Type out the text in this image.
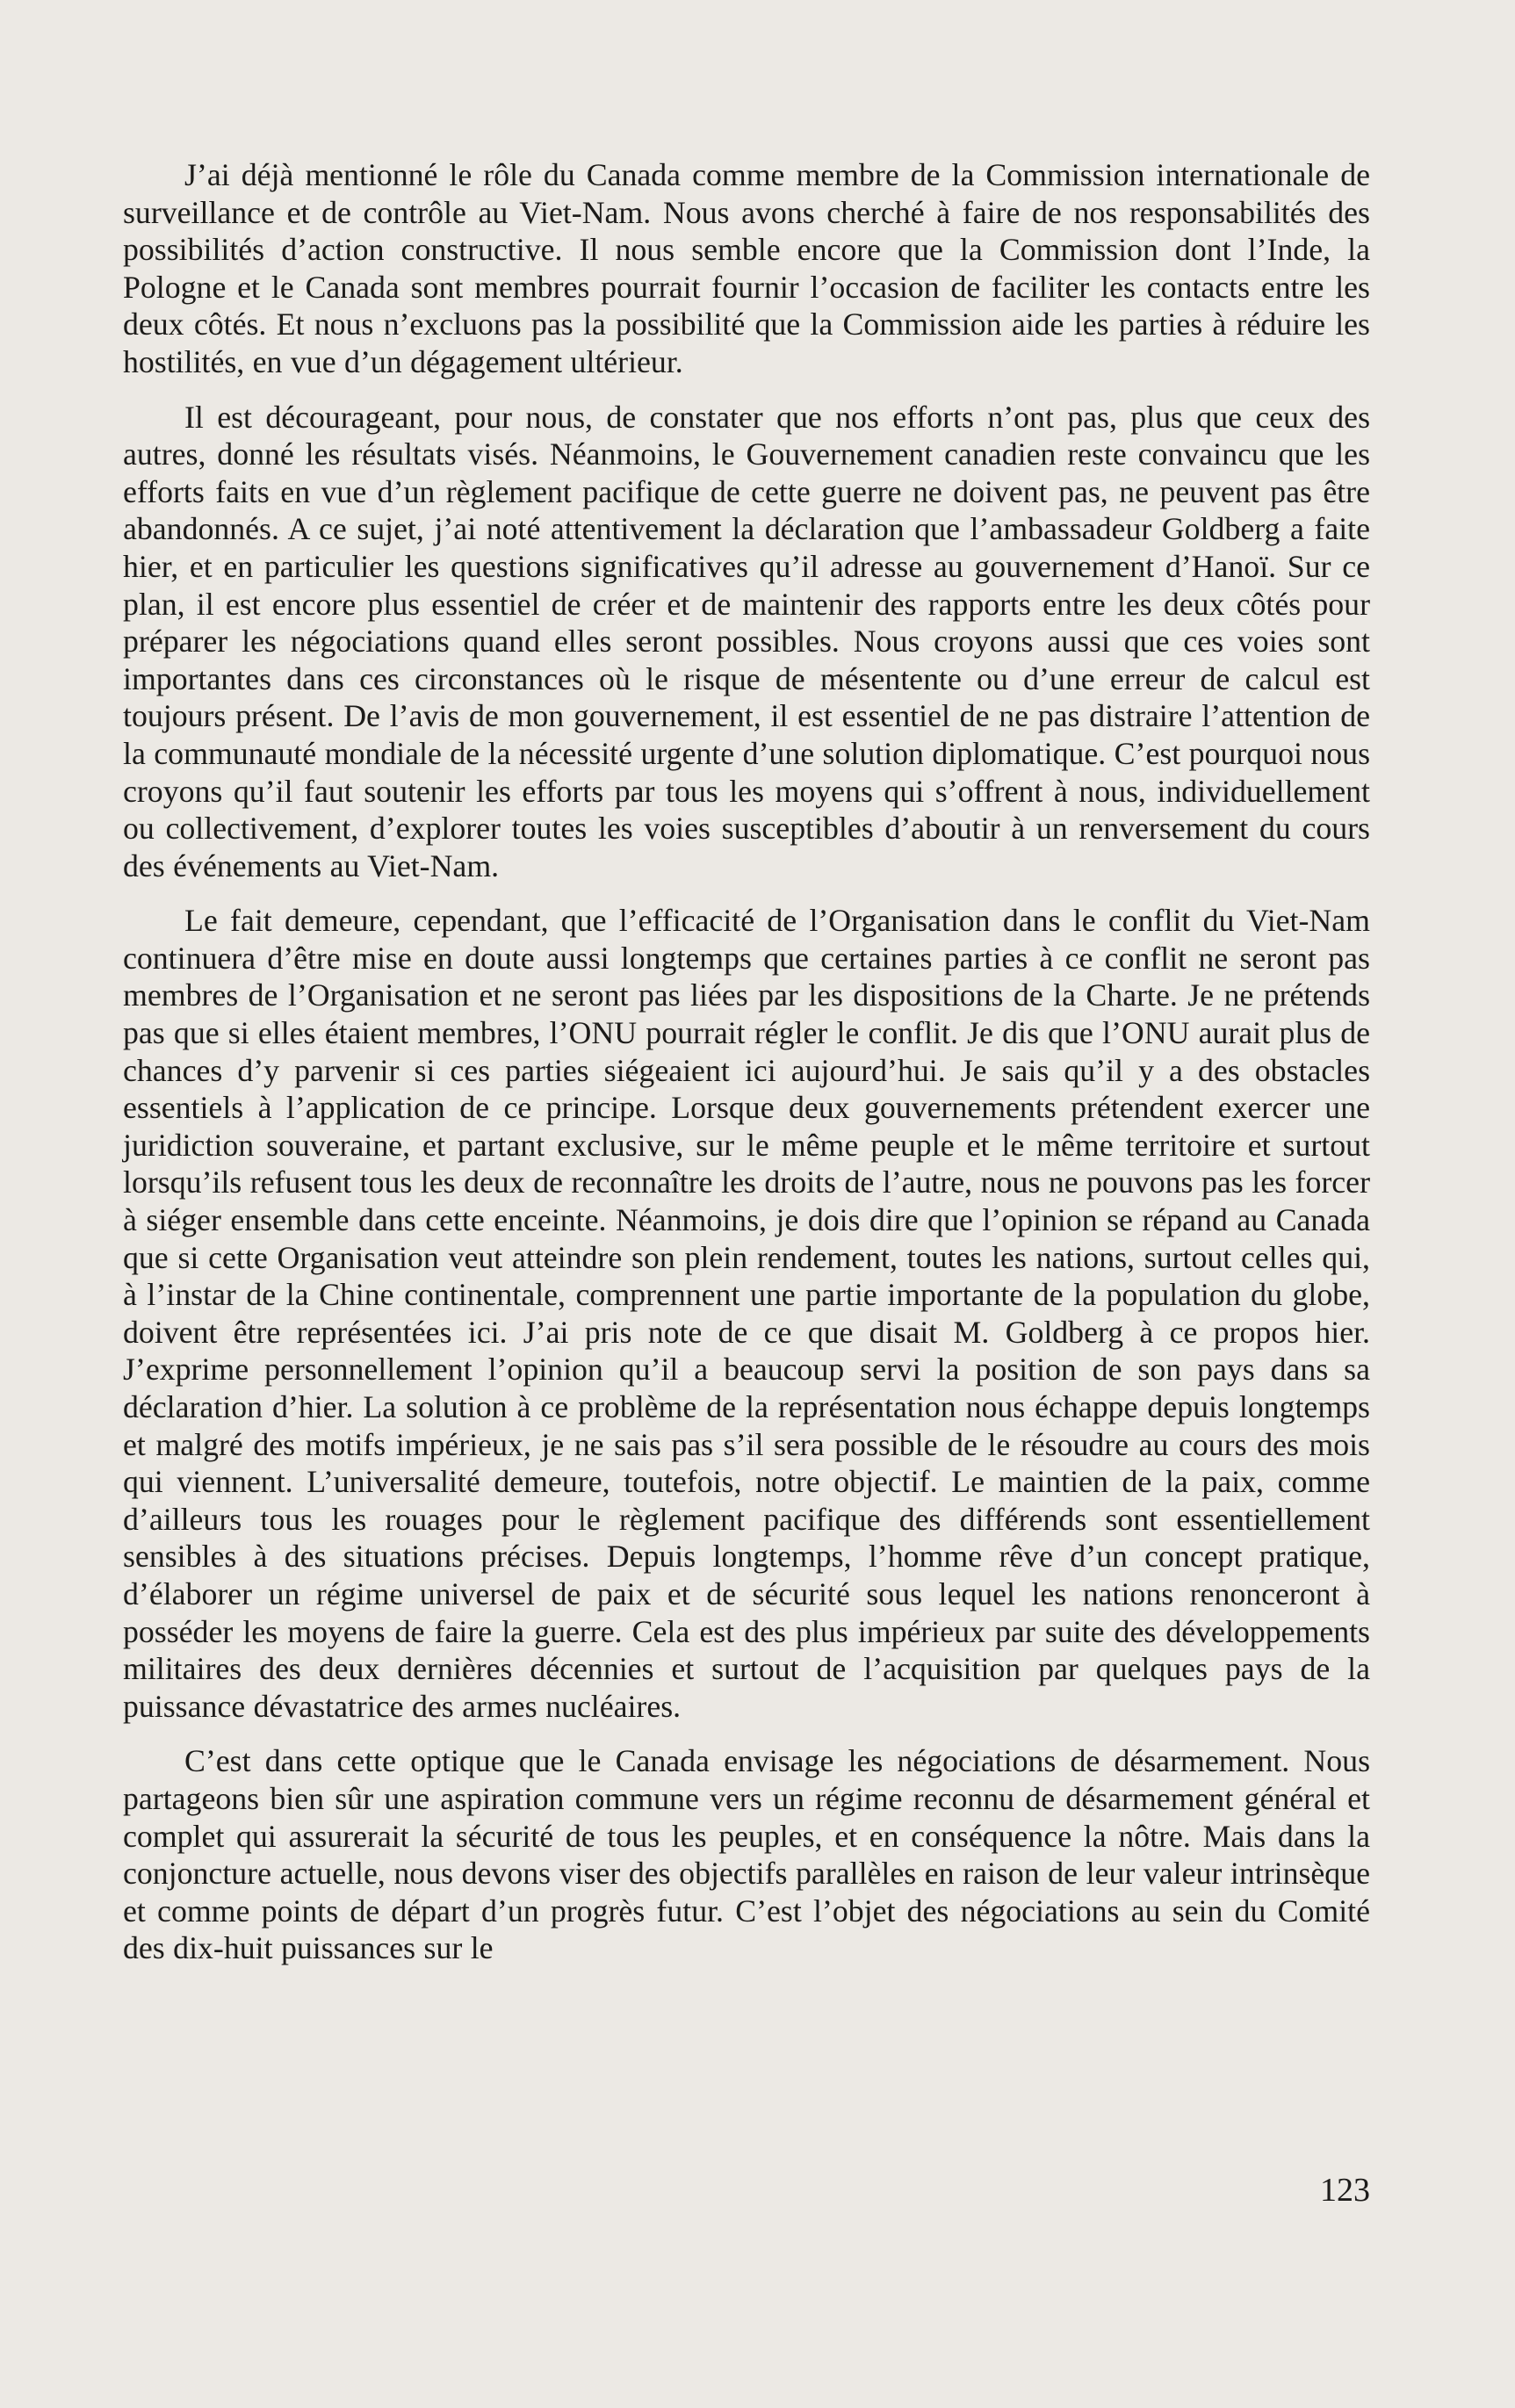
J’ai déjà mentionné le rôle du Canada comme membre de la Commission internationale de surveillance et de contrôle au Viet-Nam. Nous avons cherché à faire de nos responsabilités des possibilités d’action constructive. Il nous semble encore que la Commission dont l’Inde, la Pologne et le Canada sont membres pourrait fournir l’occasion de faciliter les contacts entre les deux côtés. Et nous n’excluons pas la possibilité que la Commission aide les parties à réduire les hostilités, en vue d’un dégagement ultérieur.

Il est décourageant, pour nous, de constater que nos efforts n’ont pas, plus que ceux des autres, donné les résultats visés. Néanmoins, le Gouvernement canadien reste convaincu que les efforts faits en vue d’un règlement pacifique de cette guerre ne doivent pas, ne peuvent pas être abandonnés. A ce sujet, j’ai noté attentivement la déclaration que l’ambassadeur Goldberg a faite hier, et en particulier les questions significatives qu’il adresse au gouvernement d’Hanoï. Sur ce plan, il est encore plus essentiel de créer et de maintenir des rapports entre les deux côtés pour préparer les négociations quand elles seront possibles. Nous croyons aussi que ces voies sont importantes dans ces circonstances où le risque de mésentente ou d’une erreur de calcul est toujours présent. De l’avis de mon gouvernement, il est essentiel de ne pas distraire l’attention de la communauté mondiale de la nécessité urgente d’une solution diplomatique. C’est pourquoi nous croyons qu’il faut soutenir les efforts par tous les moyens qui s’offrent à nous, individuellement ou collectivement, d’explorer toutes les voies susceptibles d’aboutir à un renversement du cours des événements au Viet-Nam.

Le fait demeure, cependant, que l’efficacité de l’Organisation dans le conflit du Viet-Nam continuera d’être mise en doute aussi longtemps que certaines parties à ce conflit ne seront pas membres de l’Organisation et ne seront pas liées par les dispositions de la Charte. Je ne prétends pas que si elles étaient membres, l’ONU pourrait régler le conflit. Je dis que l’ONU aurait plus de chances d’y parvenir si ces parties siégeaient ici aujourd’hui. Je sais qu’il y a des obstacles essentiels à l’application de ce principe. Lorsque deux gouvernements prétendent exercer une juridiction souveraine, et partant exclusive, sur le même peuple et le même territoire et surtout lorsqu’ils refusent tous les deux de reconnaître les droits de l’autre, nous ne pouvons pas les forcer à siéger ensemble dans cette enceinte. Néanmoins, je dois dire que l’opinion se répand au Canada que si cette Organisation veut atteindre son plein rendement, toutes les nations, surtout celles qui, à l’instar de la Chine continentale, comprennent une partie importante de la population du globe, doivent être représentées ici. J’ai pris note de ce que disait M. Goldberg à ce propos hier. J’exprime personnellement l’opinion qu’il a beaucoup servi la position de son pays dans sa déclaration d’hier. La solution à ce problème de la représentation nous échappe depuis longtemps et malgré des motifs impérieux, je ne sais pas s’il sera possible de le résoudre au cours des mois qui viennent. L’universalité demeure, toutefois, notre objectif. Le maintien de la paix, comme d’ailleurs tous les rouages pour le règlement pacifique des différends sont essentiellement sensibles à des situations précises. Depuis longtemps, l’homme rêve d’un concept pratique, d’élaborer un régime universel de paix et de sécurité sous lequel les nations renonceront à posséder les moyens de faire la guerre. Cela est des plus impérieux par suite des développements militaires des deux dernières décennies et surtout de l’acquisition par quelques pays de la puissance dévastatrice des armes nucléaires.

C’est dans cette optique que le Canada envisage les négociations de désarmement. Nous partageons bien sûr une aspiration commune vers un régime reconnu de désarmement général et complet qui assurerait la sécurité de tous les peuples, et en conséquence la nôtre. Mais dans la conjoncture actuelle, nous devons viser des objectifs parallèles en raison de leur valeur intrinsèque et comme points de départ d’un progrès futur. C’est l’objet des négociations au sein du Comité des dix-huit puissances sur le

123
